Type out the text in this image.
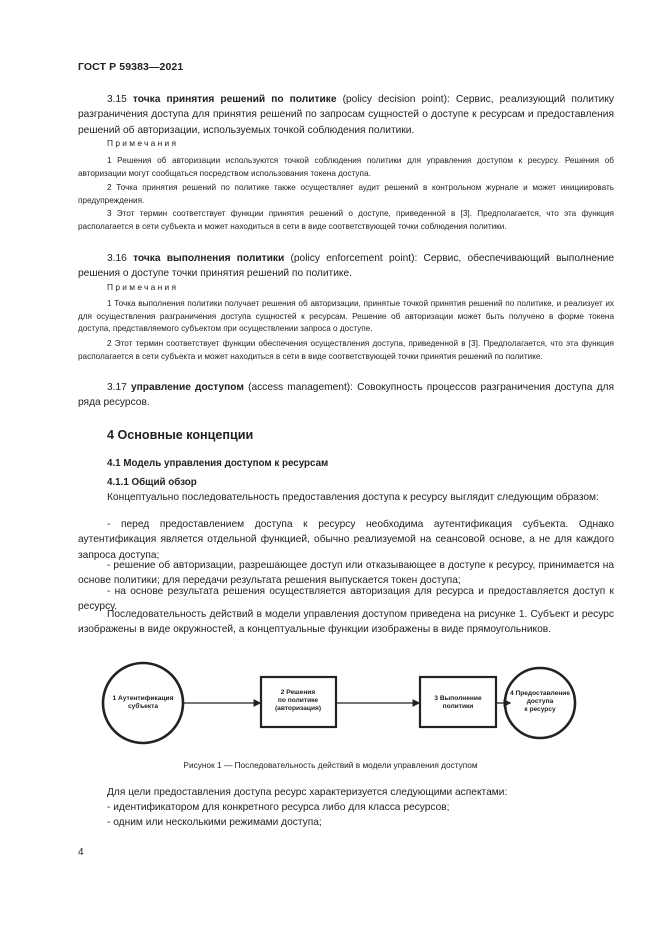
ГОСТ Р 59383—2021

3.15 точка принятия решений по политике (policy decision point): Сервис, реализующий политику разграничения доступа для принятия решений по запросам сущностей о доступе к ресурсам и предоставления решений об авторизации, используемых точкой соблюдения политики.

Примечания

1 Решения об авторизации используются точкой соблюдения политики для управления доступом к ресурсу. Решения об авторизации могут сообщаться посредством использования токена доступа.

2 Точка принятия решений по политике также осуществляет аудит решений в контрольном журнале и может инициировать предупреждения.

3 Этот термин соответствует функции принятия решений о доступе, приведенной в [3]. Предполагается, что эта функция располагается в сети субъекта и может находиться в сети в виде соответствующей точки соблюдения политики.

3.16 точка выполнения политики (policy enforcement point): Сервис, обеспечивающий выполнение решения о доступе точки принятия решений по политике.

Примечания

1 Точка выполнения политики получает решения об авторизации, принятые точкой принятия решений по политике, и реализует их для осуществления разграничения доступа сущностей к ресурсам. Решение об авторизации может быть получено в форме токена доступа, представляемого субъектом при осуществлении запроса о доступе.

2 Этот термин соответствует функции обеспечения осуществления доступа, приведенной в [3]. Предполагается, что эта функция располагается в сети субъекта и может находиться в сети в виде соответствующей точки принятия решений по политике.

3.17 управление доступом (access management): Совокупность процессов разграничения доступа для ряда ресурсов.

4 Основные концепции
4.1 Модель управления доступом к ресурсам
4.1.1 Общий обзор

Концептуально последовательность предоставления доступа к ресурсу выглядит следующим образом:

- перед предоставлением доступа к ресурсу необходима аутентификация субъекта. Однако аутентификация является отдельной функцией, обычно реализуемой на сеансовой основе, а не для каждого запроса доступа;

- решение об авторизации, разрешающее доступ или отказывающее в доступе к ресурсу, принимается на основе политики; для передачи результата решения выпускается токен доступа;

- на основе результата решения осуществляется авторизация для ресурса и предоставляется доступ к ресурсу.

Последовательность действий в модели управления доступом приведена на рисунке 1. Субъект и ресурс изображены в виде окружностей, а концептуальные функции изображены в виде прямоугольников.

1 Аутентификация
субъекта
2 Решения
по политике
(авторизация)
3 Выполнение
политики
4 Предоставление
доступа
к ресурсу
Рисунок 1 — Последовательность действий в модели управления доступом

Для цели предоставления доступа ресурс характеризуется следующими аспектами:

- идентификатором для конкретного ресурса либо для класса ресурсов;
- одним или несколькими режимами доступа;
4
